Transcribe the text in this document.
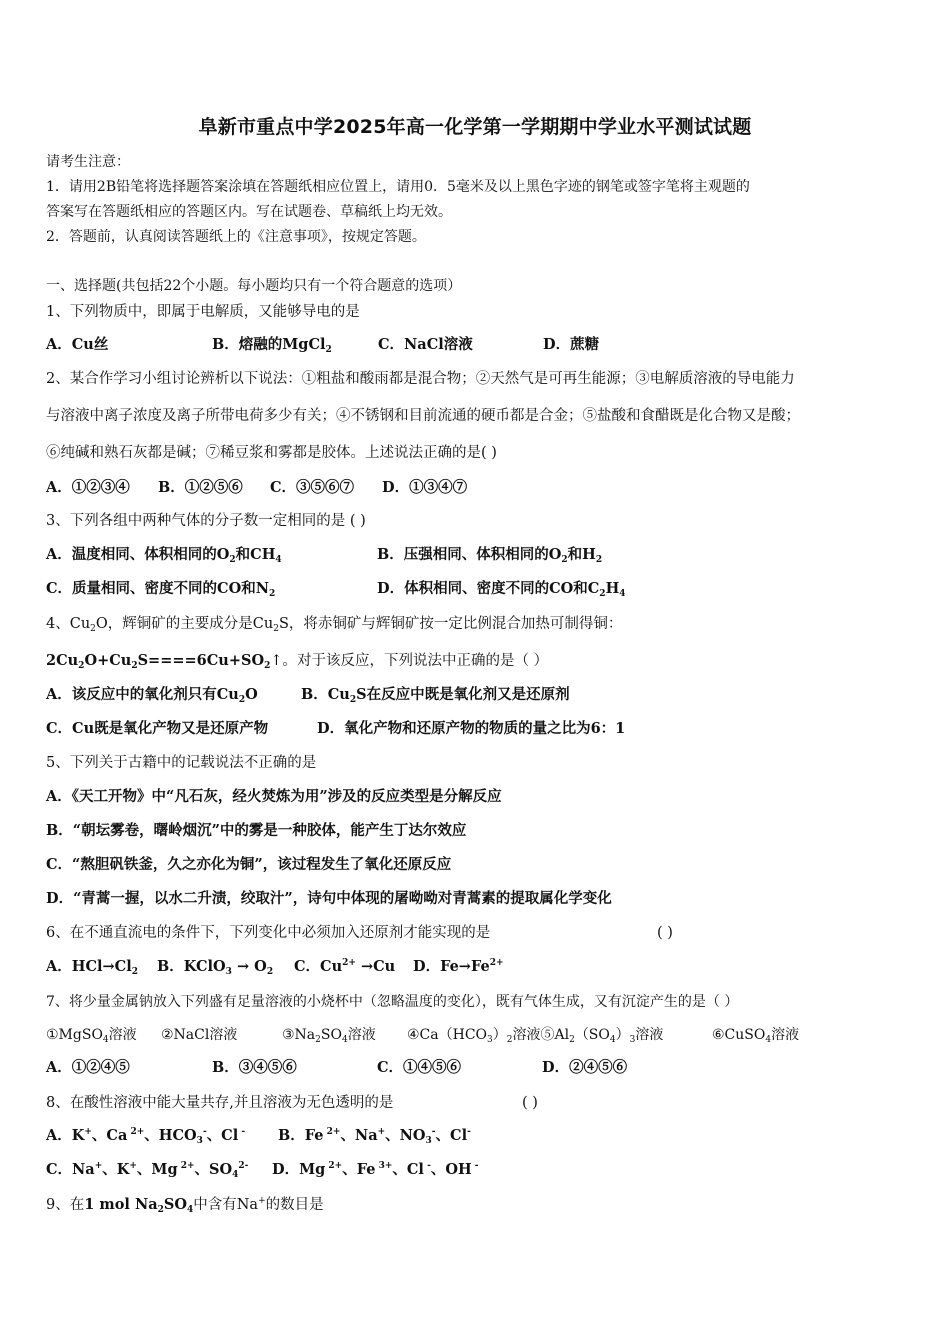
阜新市重点中学2025年高一化学第一学期期中学业水平测试试题
请考生注意：
1．请用2B铅笔将选择题答案涂填在答题纸相应位置上，请用0．5毫米及以上黑色字迹的钢笔或签字笔将主观题的
答案写在答题纸相应的答题区内。写在试题卷、草稿纸上均无效。
2．答题前，认真阅读答题纸上的《注意事项》，按规定答题。
一、选择题(共包括22个小题。每小题均只有一个符合题意的选项）
1、下列物质中，即属于电解质，又能够导电的是
A．Cu丝	B．熔融的MgCl$_2$	C．NaCl溶液	D．蔗糖
2、某合作学习小组讨论辨析以下说法：①粗盐和酸雨都是混合物；②天然气是可再生能源；③电解质溶液的导电能力
与溶液中离子浓度及离子所带电荷多少有关；④不锈钢和目前流通的硬币都是合金；⑤盐酸和食醋既是化合物又是酸；
⑥纯碱和熟石灰都是碱；⑦稀豆浆和雾都是胶体。上述说法正确的是( )
A．①②③④ B．①②⑤⑥ C．③⑤⑥⑦ D．①③④⑦
3、下列各组中两种气体的分子数一定相同的是 ( )
A．温度相同、体积相同的$O_2$和$CH_4$	B．压强相同、体积相同的$O_2$和$H_2$
C．质量相同、密度不同的CO和$N_2$	D．体积相同、密度不同的CO和$C_2H_4$
4、$Cu_2O$，辉铜矿的主要成分是$Cu_2S$，将赤铜矿与辉铜矿按一定比例混合加热可制得铜：
$2Cu_2O+Cu_2S====6Cu+SO_2↑$。对于该反应，下列说法中正确的是（ ）
A．该反应中的氧化剂只有$Cu_2O$	B．$Cu_2S$在反应中既是氧化剂又是还原剂
C．Cu既是氧化产物又是还原产物	D．氧化产物和还原产物的物质的量之比为6：1
5、下列关于古籍中的记载说法不正确的是
A．《天工开物》中“凡石灰，经火焚炼为用”涉及的反应类型是分解反应
B．“朝坛雾卷，曙岭烟沉”中的雾是一种胶体，能产生丁达尔效应
C．“熬胆矾铁釜，久之亦化为铜”，该过程发生了氧化还原反应
D．“青蒿一握，以水二升渍，绞取汁”，诗句中体现的屠呦呦对青蒿素的提取属化学变化
6、在不通直流电的条件下，下列变化中必须加入还原剂才能实现的是	( )
A．$HCl\to Cl_2$ B．KClO$_3$ → $O_2$ C．$Cu^{2+} \to Cu$ D．$Fe\to Fe^{2+}$
7、将少量金属钠放入下列盛有足量溶液的小烧杯中（忽略温度的变化），既有气体生成，又有沉淀产生的是（ ）
①MgSO$_4$溶液 ②NaCl溶液	$③Na_2SO_4$溶液 $④Ca(HCO_3)_2$溶液$⑤Al_2(SO_4)_3$溶液	⑥CuSO$_4$溶液
A．①②④⑤	B．③④⑤⑥	C．①④⑤⑥	D．②④⑤⑥
8、在酸性溶液中能大量共存,并且溶液为无色透明的是	( )
A．K+、Ca $^{2+}$、$HCO_3^-$、Cl - B．Fe $^{2+}$、Na+、$NO_3^-$、Cl-
C．Na+、K+、Mg $^{2+}$、$SO_4^{2-}$ D．Mg $^{2+}$、Fe $^{3+}$、Cl -、OH -
9、在1 mol $Na_2SO_4$中含有Na+的数目是
